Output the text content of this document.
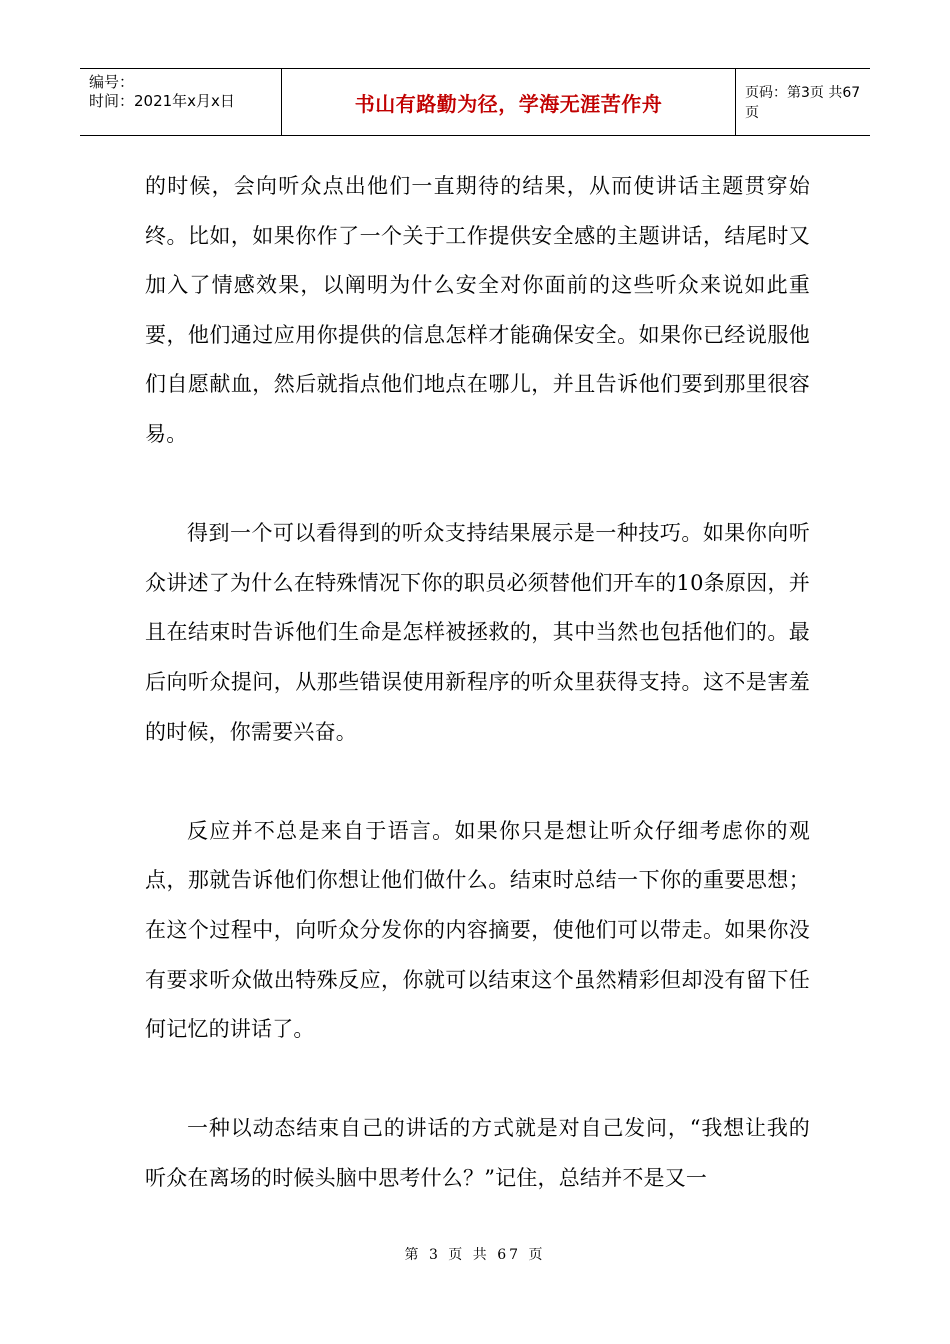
编号：
时间：2021年x月x日	书山有路勤为径，学海无涯苦作舟	页码：第3页 共67页

的时候，会向听众点出他们一直期待的结果，从而使讲话主题贯穿始终。比如，如果你作了一个关于工作提供安全感的主题讲话，结尾时又加入了情感效果，以阐明为什么安全对你面前的这些听众来说如此重要，他们通过应用你提供的信息怎样才能确保安全。如果你已经说服他们自愿献血，然后就指点他们地点在哪儿，并且告诉他们要到那里很容易。

得到一个可以看得到的听众支持结果展示是一种技巧。如果你向听众讲述了为什么在特殊情况下你的职员必须替他们开车的10条原因，并且在结束时告诉他们生命是怎样被拯救的，其中当然也包括他们的。最后向听众提问，从那些错误使用新程序的听众里获得支持。这不是害羞的时候，你需要兴奋。

反应并不总是来自于语言。如果你只是想让听众仔细考虑你的观点，那就告诉他们你想让他们做什么。结束时总结一下你的重要思想；在这个过程中，向听众分发你的内容摘要，使他们可以带走。如果你没有要求听众做出特殊反应，你就可以结束这个虽然精彩但却没有留下任何记忆的讲话了。

一种以动态结束自己的讲话的方式就是对自己发问，“我想让我的听众在离场的时候头脑中思考什么？”记住，总结并不是又一

第 3 页 共 67 页
